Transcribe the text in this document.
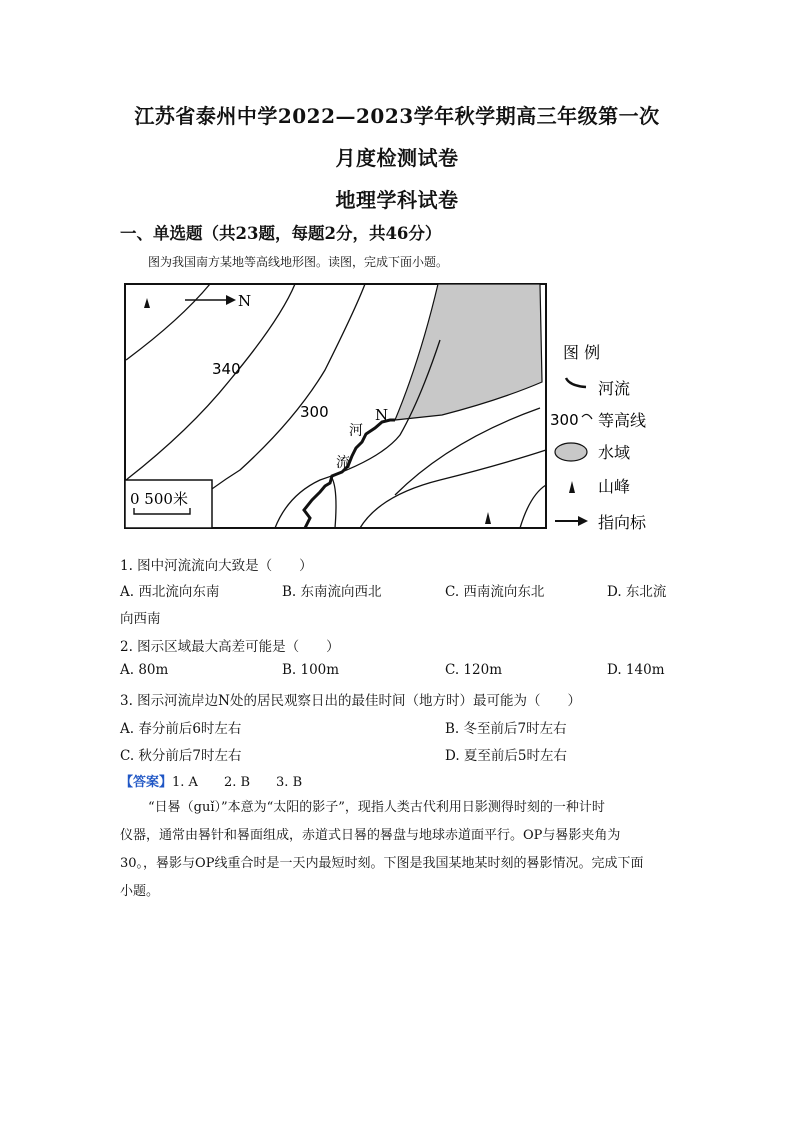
江苏省泰州中学2022—2023学年秋学期高三年级第一次
月度检测试卷
地理学科试卷
一、单选题（共23题，每题2分，共46分）
图为我国南方某地等高线地形图。读图，完成下面小题。
N
340
300	N
河
流
0 500米
图 例
河流
300 等高线
水域
山峰
指向标
1. 图中河流流向大致是（　　）
A. 西北流向东南	B. 东南流向西北	C. 西南流向东北	D. 东北流
向西南
2. 图示区域最大高差可能是（　　）
A. 80m	B. 100m	C. 120m	D. 140m
3. 图示河流岸边N处的居民观察日出的最佳时间（地方时）最可能为（　　）
A. 春分前后6时左右	B. 冬至前后7时左右
C. 秋分前后7时左右	D. 夏至前后5时左右
【答案】1. A　　2. B　　3. B
“日晷（guǐ）”本意为“太阳的影子”，现指人类古代利用日影测得时刻的一种计时
仪器，通常由晷针和晷面组成，赤道式日晷的晷盘与地球赤道面平行。OP与晷影夹角为
30。，晷影与OP线重合时是一天内最短时刻。下图是我国某地某时刻的晷影情况。完成下面
小题。
